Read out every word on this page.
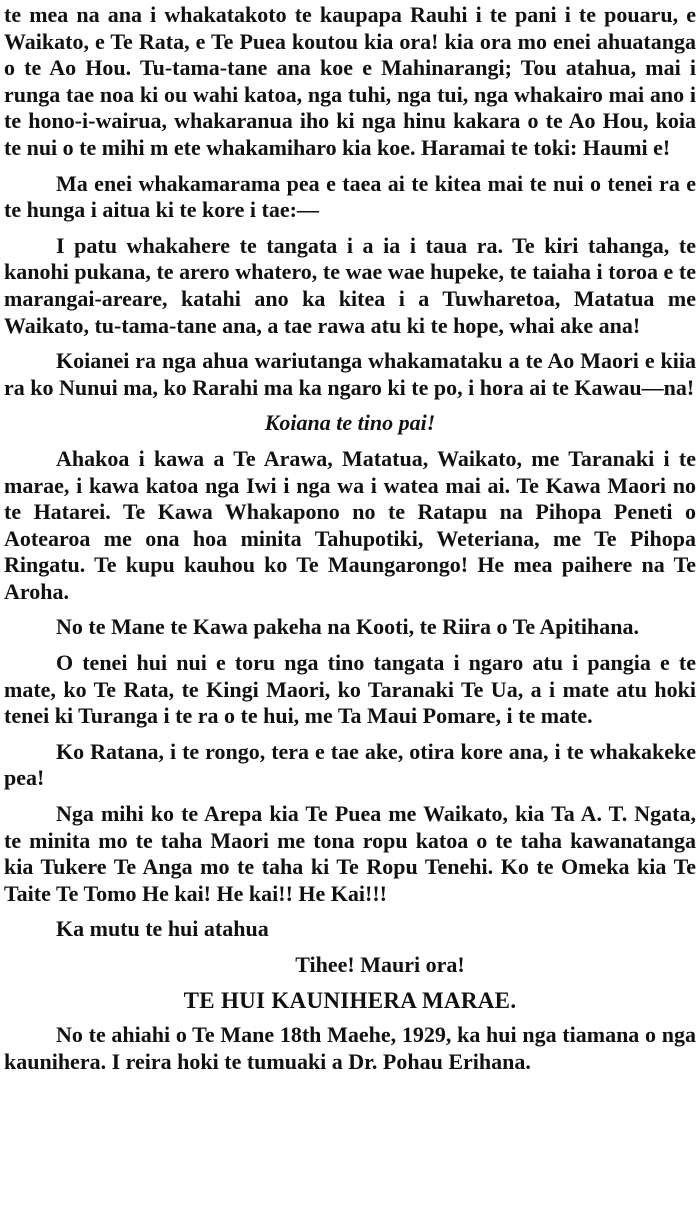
te mea na ana i whakatakoto te kaupapa Rauhi i te pani i te pouaru, e Waikato, e Te Rata, e Te Puea koutou kia ora! kia ora mo enei ahuatanga o te Ao Hou. Tu-tama-tane ana koe e Mahinarangi; Tou atahua, mai i runga tae noa ki ou wahi katoa, nga tuhi, nga tui, nga whakairo mai ano i te hono-i-wairua, whakaranua iho ki nga hinu kakara o te Ao Hou, koia te nui o te mihi m ete whakamiharo kia koe. Haramai te toki: Haumi e!

Ma enei whakamarama pea e taea ai te kitea mai te nui o tenei ra e te hunga i aitua ki te kore i tae:—

I patu whakahere te tangata i a ia i taua ra. Te kiri tahanga, te kanohi pukana, te arero whatero, te wae wae hupeke, te taiaha i toroa e te marangai-areare, katahi ano ka kitea i a Tuwharetoa, Matatua me Waikato, tu-tama-tane ana, a tae rawa atu ki te hope, whai ake ana!

Koianei ra nga ahua wariutanga whakamataku a te Ao Maori e kiia ra ko Nunui ma, ko Rarahi ma ka ngaro ki te po, i hora ai te Kawau—na!

Koiana te tino pai!

Ahakoa i kawa a Te Arawa, Matatua, Waikato, me Taranaki i te marae, i kawa katoa nga Iwi i nga wa i watea mai ai. Te Kawa Maori no te Hatarei. Te Kawa Whakapono no te Ratapu na Pihopa Peneti o Aotearoa me ona hoa minita Tahupotiki, Weteriana, me Te Pihopa Ringatu. Te kupu kauhou ko Te Maungarongo! He mea paihere na Te Aroha.

No te Mane te Kawa pakeha na Kooti, te Riira o Te Apitihana.

O tenei hui nui e toru nga tino tangata i ngaro atu i pangia e te mate, ko Te Rata, te Kingi Maori, ko Taranaki Te Ua, a i mate atu hoki tenei ki Turanga i te ra o te hui, me Ta Maui Pomare, i te mate.

Ko Ratana, i te rongo, tera e tae ake, otira kore ana, i te whakakeke pea!

Nga mihi ko te Arepa kia Te Puea me Waikato, kia Ta A. T. Ngata, te minita mo te taha Maori me tona ropu katoa o te taha kawanatanga kia Tukere Te Anga mo te taha ki Te Ropu Tenehi. Ko te Omeka kia Te Taite Te Tomo He kai! He kai!! He Kai!!!

Ka mutu te hui atahua

Tihee! Mauri ora!

TE HUI KAUNIHERA MARAE.

No te ahiahi o Te Mane 18th Maehe, 1929, ka hui nga tiamana o nga kaunihera. I reira hoki te tumuaki a Dr. Pohau Erihana.
